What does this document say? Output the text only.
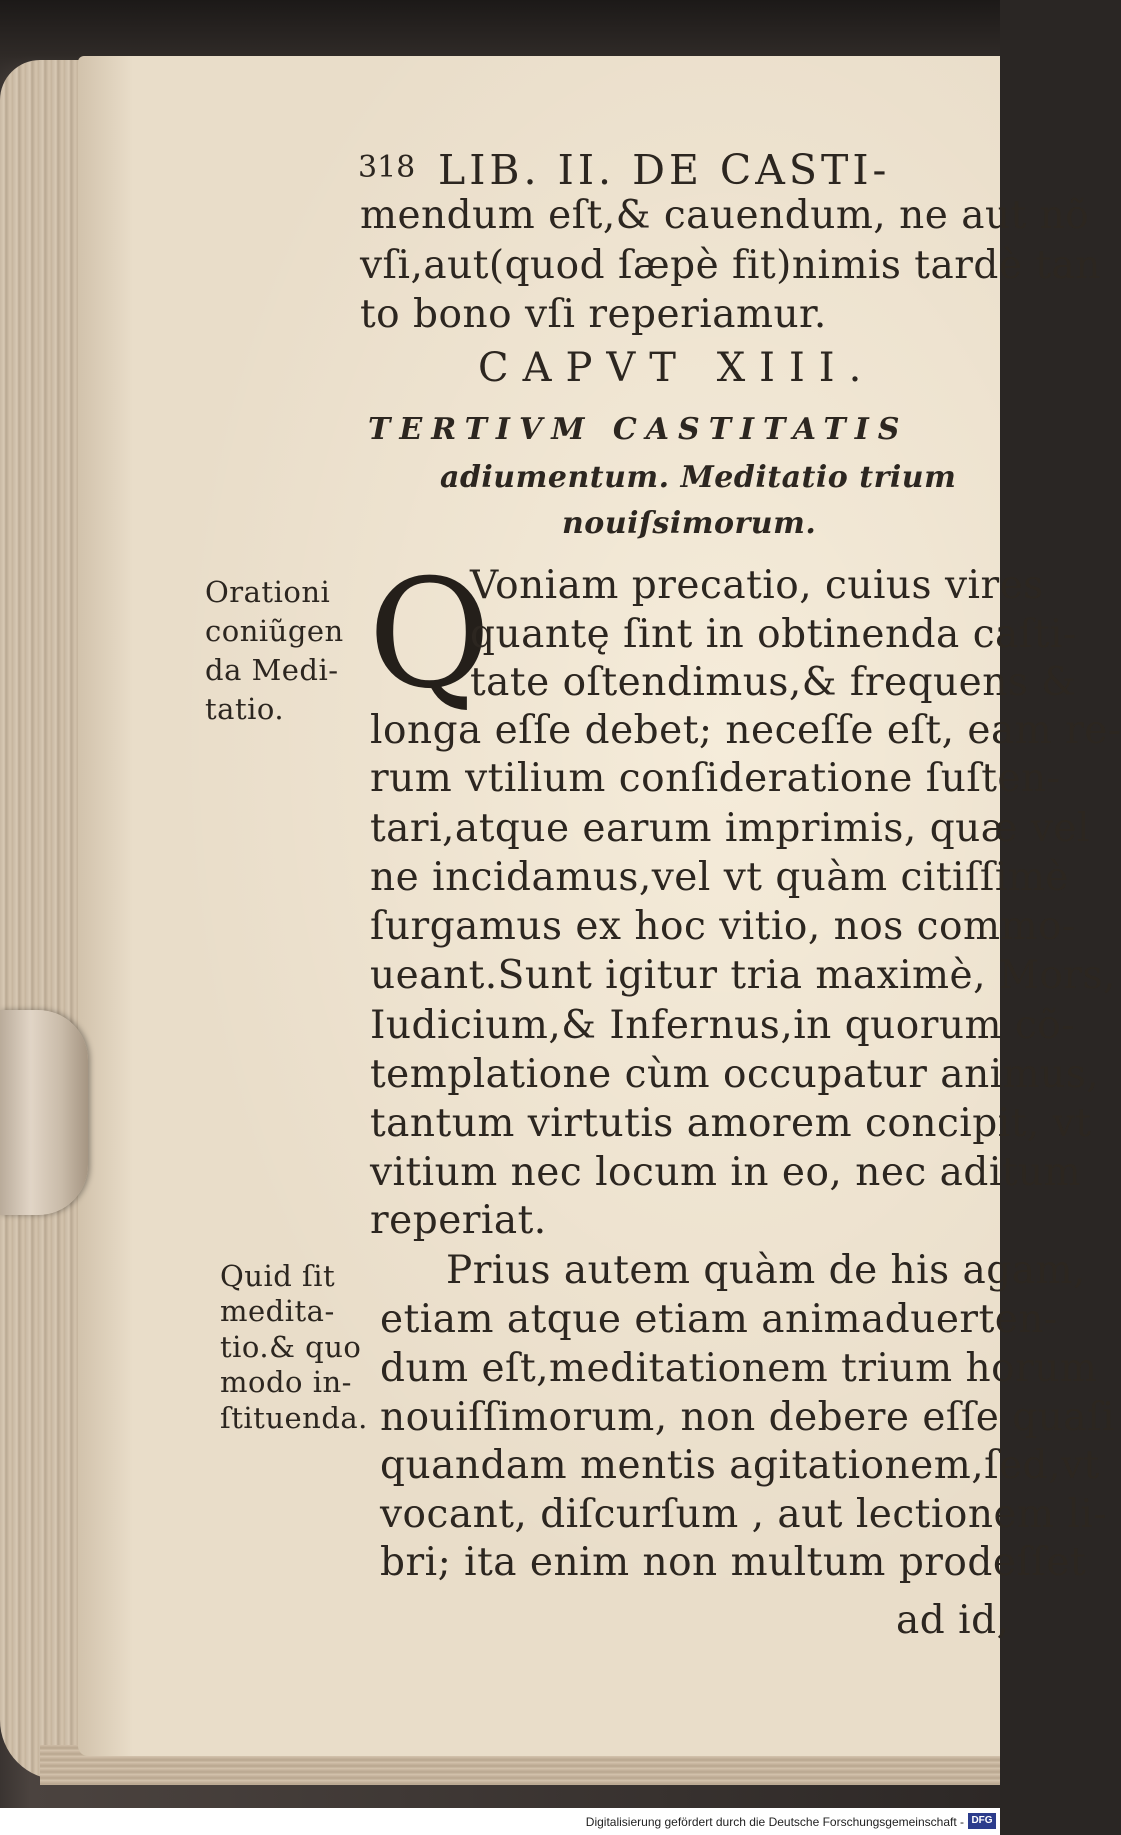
318 LIB. II. DE CASTI-
mendum eſt,& cauendum, ne aut nõ
vſi,aut(quod ſæpè fit)nimis tardè tan
to bono vſi reperiamur.
CAPVT XIII.
TERTIVM CASTITATIS
adiumentum. Meditatio trium
nouiſsimorum.
Q
Voniam precatio, cuius vires
quantę ſint in obtinenda caſti-
tate oſtendimus,& frequens &
longa eſſe debet; neceſſe eſt, eam re-
rum vtilium conſideratione ſuſten-
tari,atque earum imprimis, quæ vel
ne incidamus,vel vt quàm citiſſimè
ſurgamus ex hoc vitio, nos commo-
ueant.Sunt igitur tria maximè, Mors,
Iudicium,& Infernus,in quorum cõ-
templatione cùm occupatur animus,
tantum virtutis amorem concipit, vt
vitium nec locum in eo, nec aditum
reperiat.
Prius autem quàm de his agam,
etiam atque etiam animaduerten-
dum eſt,meditationem trium horum
nouiſſimorum, non debere eſſe quaſi
quandam mentis agitationem,ſed,vt
vocant, diſcurſum , aut lectionem li-
bri; ita enim non multum prodeſſet
ad id,
Orationi
coniũgen
da Medi-
tatio.
Quid ſit
medita-
tio.& quo
modo in-
ſtituenda.
Digitalisierung gefördert durch die Deutsche Forschungsgemeinschaft - DFG
